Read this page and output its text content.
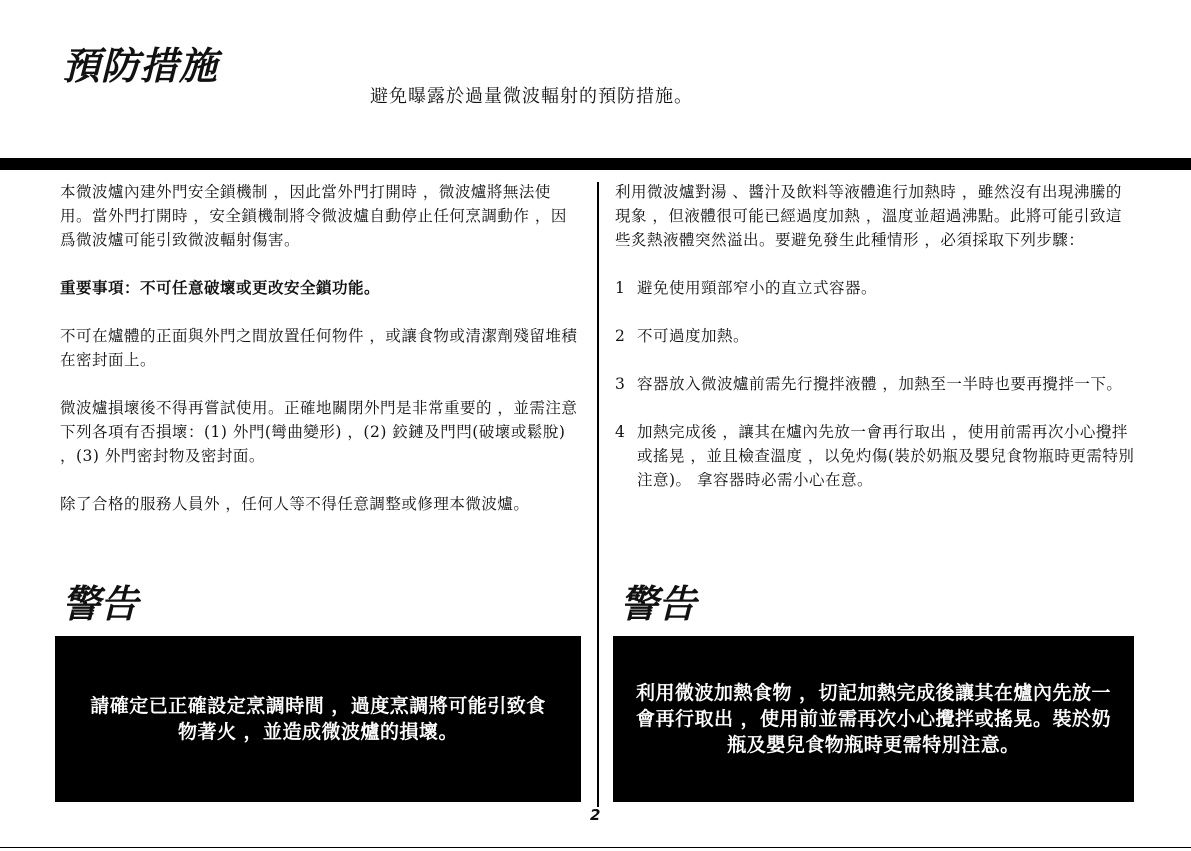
預防措施
避免曝露於過量微波輻射的預防措施。

本微波爐內建外門安全鎖機制 ，因此當外門打開時 ，微波爐將無法使用。當外門打開時 ，安全鎖機制將令微波爐自動停止任何烹調動作 ，因爲微波爐可能引致微波輻射傷害。

重要事項：不可任意破壞或更改安全鎖功能。

不可在爐體的正面與外門之間放置任何物件 ，或讓食物或清潔劑殘留堆積在密封面上。

微波爐損壞後不得再嘗試使用。正確地關閉外門是非常重要的 ，並需注意下列各項有否損壞：(1) 外門(彎曲變形) ，(2) 鉸鏈及門閂(破壞或鬆脫) ，(3) 外門密封物及密封面。

除了合格的服務人員外 ，任何人等不得任意調整或修理本微波爐。

利用微波爐對湯 、醬汁及飲料等液體進行加熱時 ，雖然沒有出現沸騰的現象 ，但液體很可能已經過度加熱 ，溫度並超過沸點。此將可能引致這些炙熱液體突然溢出。要避免發生此種情形 ，必須採取下列步驟：

1 避免使用頸部窄小的直立式容器。
2 不可過度加熱。
3 容器放入微波爐前需先行攪拌液體 ，加熱至一半時也要再攪拌一下。
4 加熱完成後 ，讓其在爐內先放一會再行取出 ，使用前需再次小心攪拌或搖晃 ，並且檢查溫度 ，以免灼傷(裝於奶瓶及嬰兒食物瓶時更需特別注意)。 拿容器時必需小心在意。
警告	警告
請確定已正確設定烹調時間 ，過度烹調將可能引致食物著火 ，並造成微波爐的損壞。
利用微波加熱食物 ，切記加熱完成後讓其在爐內先放一會再行取出 ，使用前並需再次小心攪拌或搖晃。裝於奶瓶及嬰兒食物瓶時更需特別注意。
2
